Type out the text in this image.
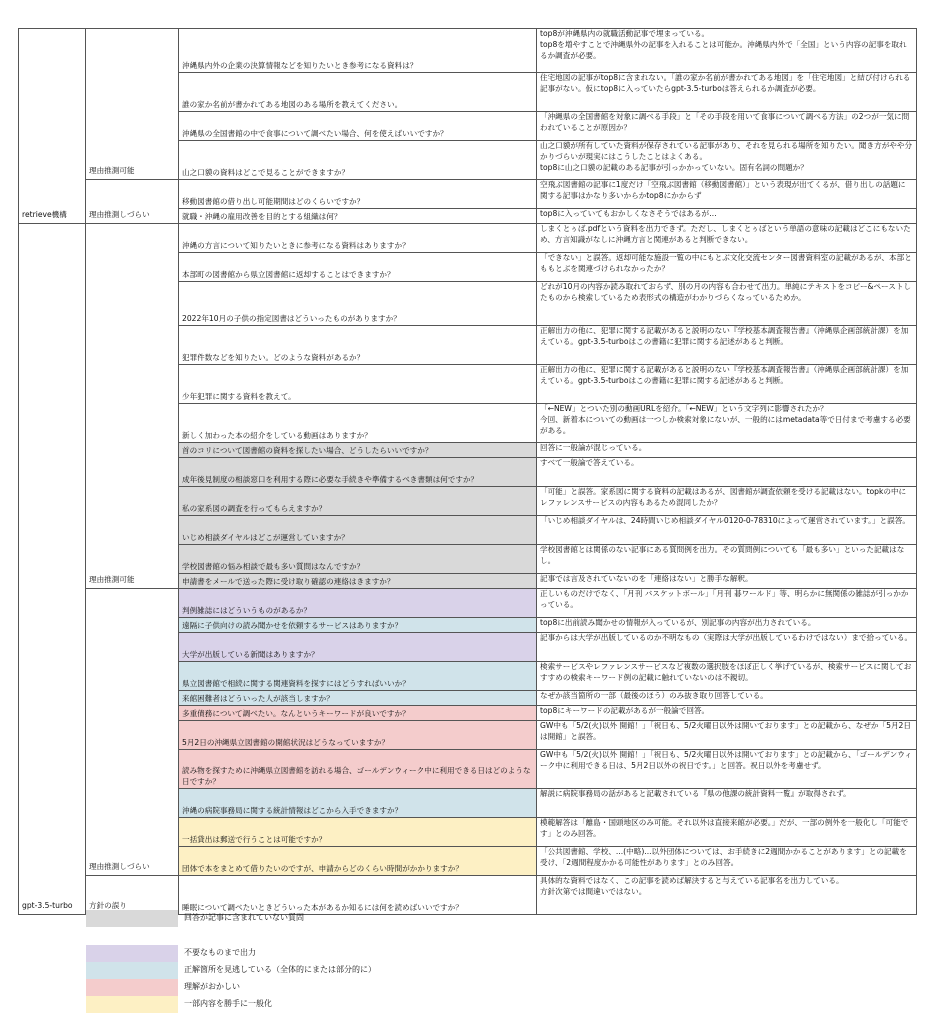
retrieve機構	理由推測可能	沖縄県内外の企業の決算情報などを知りたいとき参考になる資料は？	top8が沖縄県内の就職活動記事で埋まっている。
top8を増やすことで沖縄県外の記事を入れることは可能か。沖縄県内外で「全国」という内容の記事を取れるか調査が必要。
		誰の家か名前が書かれてある地図のある場所を教えてください。	住宅地図の記事がtop8に含まれない。「誰の家か名前が書かれてある地図」を「住宅地図」と結び付けられる記事がない。仮にtop8に入っていたらgpt-3.5-turboは答えられるか調査が必要。
		沖縄県の全国書館の中で食事について調べたい場合、何を使えばいいですか？	「沖縄県の全国書館を対象に調べる手段」と「その手段を用いて食事について調べる方法」の2つが一気に問われていることが原因か？
		山之口貘の資料はどこで見ることができますか？	山之口貘が所有していた資料が保存されている記事があり、それを見られる場所を知りたい。聞き方がやや分かりづらいが現実にはこうしたことはよくある。
top8に山之口貘の記載のある記事が引っかかっていない。固有名詞の問題か？
	理由推測しづらい	移動図書館の借り出し可能期間はどのくらいですか？	空飛ぶ図書館の記事に1度だけ「空飛ぶ図書館（移動図書館）」という表現が出てくるが、借り出しの話題に関する記事はかなり多いからかtop8にかからず
		就職・沖縄の雇用改善を目的とする組織は何？	top8に入っていてもおかしくなさそうではあるが…
gpt-3.5-turbo	理由推測可能	沖縄の方言について知りたいときに参考になる資料はありますか？	しまくとぅば.pdfという資料を出力できず。ただし、しまくとぅばという単語の意味の記載はどこにもないため、方言知識がなしに沖縄方言と関連があると判断できない。
		本部町の図書館から県立図書館に返却することはできますか？	「できない」と誤答。返却可能な施設一覧の中にもとぶ文化交流センター図書資料室の記載があるが、本部とももとぶを関連づけられなかったか？
		2022年10月の子供の指定図書はどういったものがありますか？	どれが10月の内容か読み取れておらず、別の月の内容も合わせて出力。単純にテキストをコピー&ペーストしたものから検索しているため表形式の構造がわかりづらくなっているためか。
		犯罪件数などを知りたい。どのような資料があるか？	正解出力の他に、犯罪に関する記載があると説明のない『学校基本調査報告書』（沖縄県企画部統計課）を加えている。gpt-3.5-turboはこの書籍に犯罪に関する記述があると判断。
		少年犯罪に関する資料を教えて。	正解出力の他に、犯罪に関する記載があると説明のない『学校基本調査報告書』（沖縄県企画部統計課）を加えている。gpt-3.5-turboはこの書籍に犯罪に関する記述があると判断。
		新しく加わった本の紹介をしている動画はありますか？	「←NEW」とついた別の動画URLを紹介。「←NEW」という文字列に影響されたか？
今回、新着本についての動画は一つしか検索対象にないが、一般的にはmetadata等で日付まで考慮する必要がある。
		首のコリについて図書館の資料を探したい場合、どうしたらいいですか？	回答に一般論が混じっている。
		成年後見制度の相談窓口を利用する際に必要な手続きや準備するべき書類は何ですか？	すべて一般論で答えている。
		私の家系図の調査を行ってもらえますか？	「可能」と誤答。家系図に関する資料の記載はあるが、図書館が調査依頼を受ける記載はない。topkの中にレファレンスサービスの内容もあるため混同したか？
		いじめ相談ダイヤルはどこが運営していますか？	「いじめ相談ダイヤルは、24時間いじめ相談ダイヤル0120-0-78310によって運営されています。」と誤答。
		学校図書館の悩み相談で最も多い質問はなんですか？	学校図書館とは関係のない記事にある質問例を出力。その質問例についても「最も多い」といった記載はなし。
		申請書をメールで送った際に受け取り確認の連絡はきますか？	記事では言及されていないのを「連絡はない」と勝手な解釈。
	理由推測しづらい	判例雑誌にはどういうものがあるか？	正しいものだけでなく、「月刊 バスケットボール」「月刊 碁ワールド」等、明らかに無関係の雑誌が引っかかっている。
		遠隔に子供向けの読み聞かせを依頼するサービスはありますか？	top8に出前読み聞かせの情報が入っているが、別記事の内容が出力されている。
		大学が出版している新聞はありますか？	記事からは大学が出版しているのか不明なもの（実際は大学が出版しているわけではない）まで拾っている。
		県立図書館で相続に関する関連資料を探すにはどうすればいいか？	検索サービスやレファレンスサービスなど複数の選択肢をほぼ正しく挙げているが、検索サービスに関しておすすめの検索キーワード例の記載に触れていないのは不親切。
		来館困難者はどういった人が該当しますか？	なぜか該当箇所の一部（最後のほう）のみ抜き取り回答している。
		多重債務について調べたい。なんというキーワードが良いですか？	top8にキーワードの記載があるが一般論で回答。
		5月2日の沖縄県立図書館の開館状況はどうなっていますか？	GW中も「5/2(火)以外 開館！」「祝日も、5/2火曜日以外は開いております」との記載から、なぜか「5月2日は開館」と誤答。
		読み物を探すために沖縄県立図書館を訪れる場合、ゴールデンウィーク中に利用できる日はどのような日ですか？	GW中も「5/2(火)以外 開館！」「祝日も、5/2火曜日以外は開いております」との記載から、「ゴールデンウィーク中に利用できる日は、5月2日以外の祝日です。」と回答。祝日以外を考慮せず。
		沖縄の病院事務局に関する統計情報はどこから入手できますか？	解説に病院事務局の話があると記載されている『県の他課の統計資料一覧』が取得されず。
		一括貸出は郵送で行うことは可能ですか？	模範解答は「離島・国頭地区のみ可能。それ以外は直接来館が必要。」だが、一部の例外を一般化し「可能です」とのみ回答。
		団体で本をまとめて借りたいのですが、申請からどのくらい時間がかかりますか？	「公共図書館、学校、...(中略)...以外団体については、お手続きに2週間かかることがあります」との記載を受け、「2週間程度かかる可能性があります」とのみ回答。
	方針の誤り	睡眠について調べたいときどういった本があるか知るには何を読めばいいですか？	具体的な資料ではなく、この記事を読めば解決すると与えている記事名を出力している。
方針次第では間違いではない。
回答が記事に含まれていない質問
不要なものまで出力
正解箇所を見逃している（全体的にまたは部分的に）
理解がおかしい
一部内容を勝手に一般化
